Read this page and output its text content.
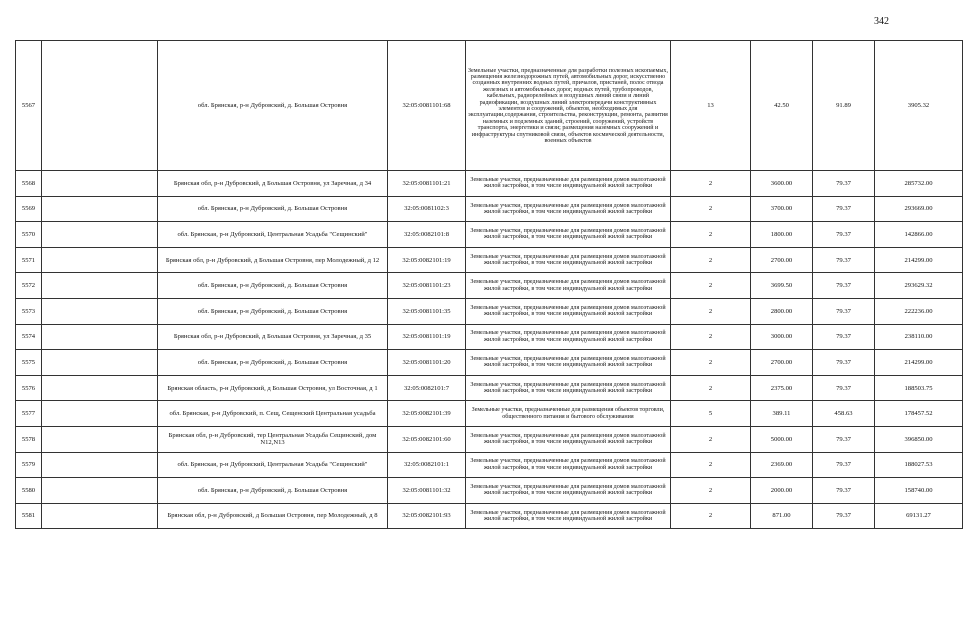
342
5567		обл. Брянская, р-н Дубровский, д. Большая Островня	32:05:0081101:68	Земельные участки, предназначенные для разработки полезных ископаемых, размещения железнодорожных путей, автомобильных дорог, искусственно созданных внутренних водных путей, причалов, пристаней, полос отвода железных и автомобильных дорог, водных путей, трубопроводов, кабельных, радиорелейных и воздушных линий связи и линий радиофикации, воздушных линий электропередачи конструктивных элементов и сооружений, объектов, необходимых для эксплуатации,содержания, строительства, реконструкции, ремонта, развития наземных и подземных зданий, строений, сооружений, устройств транспорта, энергетики и связи; размещения наземных сооружений и инфраструктуры спутниковой связи, объектов космической деятельности, военных объектов	13	42.50	91.89	3905.32
5568		Брянская обл, р-н Дубровский, д Большая Островня, ул Заречная, д 34	32:05:0081101:21	Земельные участки, предназначенные для размещения домов малоэтажной жилой застройки, в том числе индивидуальной жилой застройки	2	3600.00	79.37	285732.00
5569		обл. Брянская, р-н Дубровский, д. Большая Островня	32:05:0081102:3	Земельные участки, предназначенные для размещения домов малоэтажной жилой застройки, в том числе индивидуальной жилой застройки	2	3700.00	79.37	293669.00
5570		обл. Брянская, р-н Дубровский, Центральная Усадьба "Сещинский"	32:05:0082101:8	Земельные участки, предназначенные для размещения домов малоэтажной жилой застройки, в том числе индивидуальной жилой застройки	2	1800.00	79.37	142866.00
5571		Брянская обл, р-н Дубровский, д Большая Островня, пер Молодежный, д 12	32:05:0082101:19	Земельные участки, предназначенные для размещения домов малоэтажной жилой застройки, в том числе индивидуальной жилой застройки	2	2700.00	79.37	214299.00
5572		обл. Брянская, р-н Дубровский, д. Большая Островня	32:05:0081101:23	Земельные участки, предназначенные для размещения домов малоэтажной жилой застройки, в том числе индивидуальной жилой застройки	2	3699.50	79.37	293629.32
5573		обл. Брянская, р-н Дубровский, д. Большая Островня	32:05:0081101:35	Земельные участки, предназначенные для размещения домов малоэтажной жилой застройки, в том числе индивидуальной жилой застройки	2	2800.00	79.37	222236.00
5574		Брянская обл, р-н Дубровский, д Большая Островня, ул Заречная, д 35	32:05:0081101:19	Земельные участки, предназначенные для размещения домов малоэтажной жилой застройки, в том числе индивидуальной жилой застройки	2	3000.00	79.37	238110.00
5575		обл. Брянская, р-н Дубровский, д. Большая Островня	32:05:0081101:20	Земельные участки, предназначенные для размещения домов малоэтажной жилой застройки, в том числе индивидуальной жилой застройки	2	2700.00	79.37	214299.00
5576		Брянская область, р-н Дубровский, д Большая Островня, ул Восточная, д 1	32:05:0082101:7	Земельные участки, предназначенные для размещения домов малоэтажной жилой застройки, в том числе индивидуальной жилой застройки	2	2375.00	79.37	188503.75
5577		обл. Брянская, р-н Дубровский, п. Сещ, Сещенский Центральная усадьба	32:05:0082101:39	Земельные участки, предназначенные для размещения объектов торговли, общественного питания и бытового обслуживания	5	389.11	458.63	178457.52
5578		Брянская обл, р-н Дубровский, тер Центральная Усадьба Сещинский, дом N12,N13	32:05:0082101:60	Земельные участки, предназначенные для размещения домов малоэтажной жилой застройки, в том числе индивидуальной жилой застройки	2	5000.00	79.37	396850.00
5579		обл. Брянская, р-н Дубровский, Центральная Усадьба "Сещинский"	32:05:0082101:1	Земельные участки, предназначенные для размещения домов малоэтажной жилой застройки, в том числе индивидуальной жилой застройки	2	2369.00	79.37	188027.53
5580		обл. Брянская, р-н Дубровский, д. Большая Островня	32:05:0081101:32	Земельные участки, предназначенные для размещения домов малоэтажной жилой застройки, в том числе индивидуальной жилой застройки	2	2000.00	79.37	158740.00
5581		Брянская обл, р-н Дубровский, д Большая Островня, пер Молодежный, д 8	32:05:0082101:93	Земельные участки, предназначенные для размещения домов малоэтажной жилой застройки, в том числе индивидуальной жилой застройки	2	871.00	79.37	69131.27
